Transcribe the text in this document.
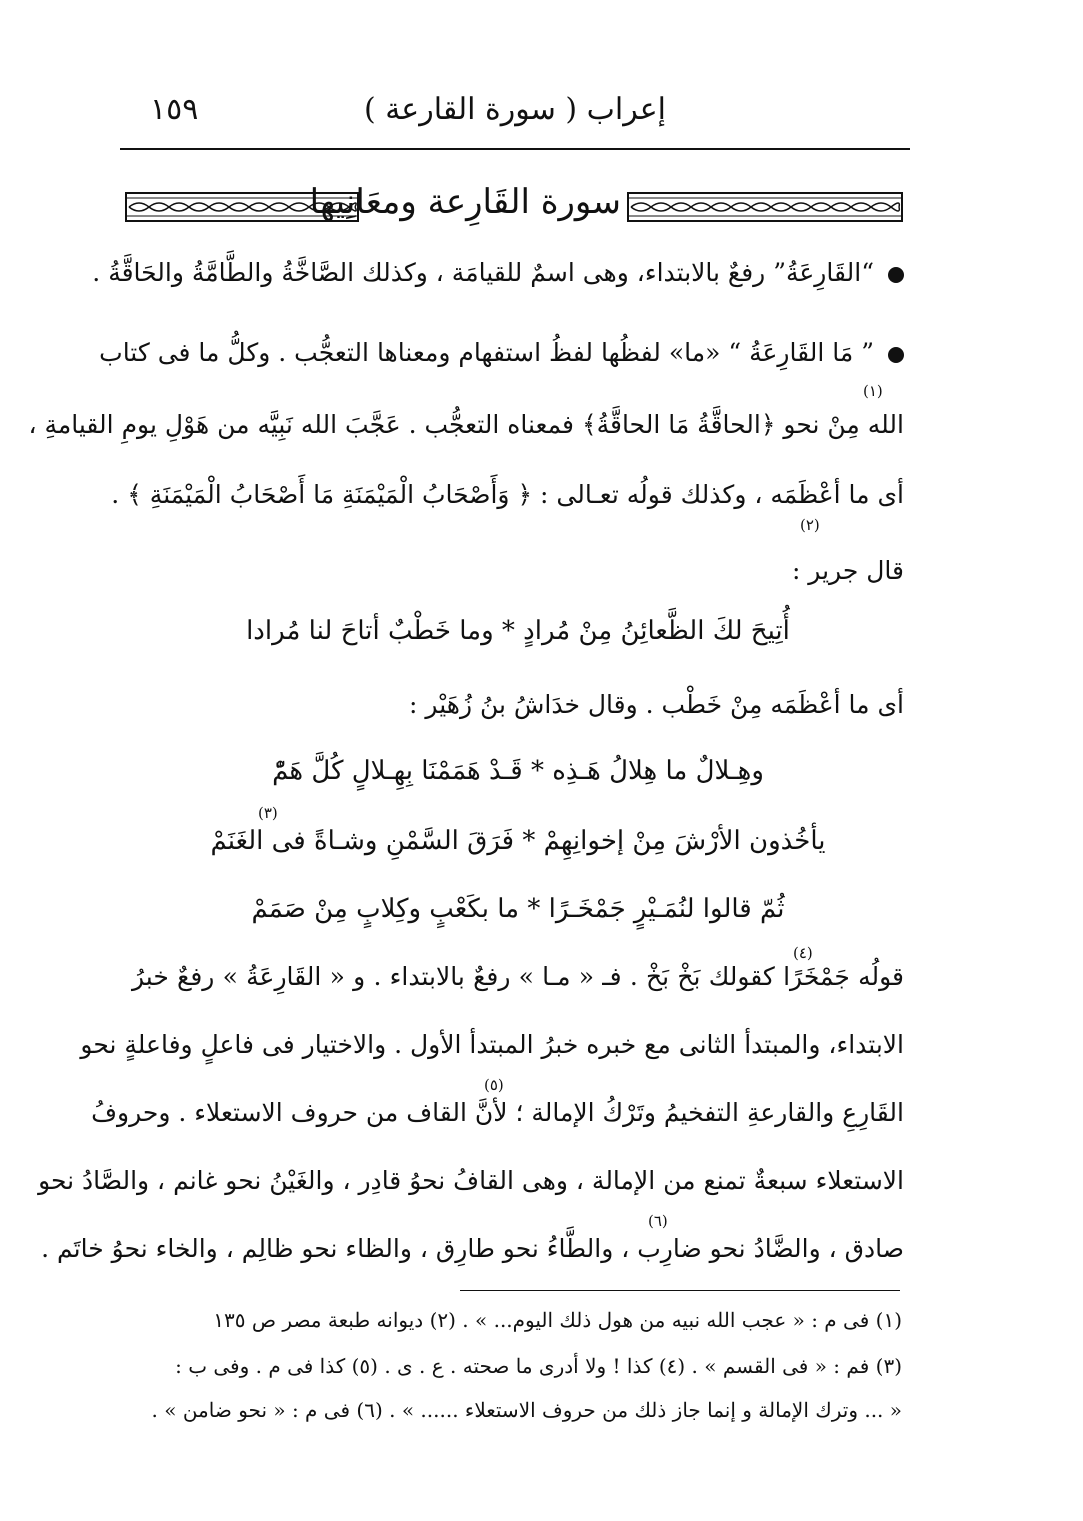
إعراب ( سورة القارعة )
١٥٩
سورة القَارِعة ومعَانِيها
“القَارِعَةُ” رفعٌ بالابتداء، وهى اسمٌ للقيامَة ، وكذلك الصَّاخَّةُ والطَّامَّةُ والحَاقَّةُ .
” مَا القَارِعَةُ “ «ما» لفظُها لفظُ استفهام ومعناها التعجُّب . وكلُّ ما فى كتاب
الله مِنْ نحو ﴿الحاقَّةُ مَا الحاقَّةُ﴾ فمعناه التعجُّب . عَجَّبَ الله نَبِيَّه من هَوْلِ يومِ القيامةِ ،
أى ما أعْظَمَه ، وكذلك قولُه تعـالى : ﴿ وَأَصْحَابُ الْمَيْمَنَةِ مَا أَصْحَابُ الْمَيْمَنَةِ ﴾ .
قال جرير :
(١)
(٢)
أُتِيحَ لكَ الظَّعائِنُ مِنْ مُرادٍ * وما خَطْبٌ أتاحَ لنا مُرادا
أى ما أعْظَمَه مِنْ خَطْب . وقال خدَاشُ بنُ زُهَيْر :
وهِـلالٌ ما هِلالُ هَـذِه * قَـدْ هَمَمْنَا بِهِـلالٍ كُلَّ هَمّْ
يأخُذون الأرْشَ مِنْ إخوانِهِمْ * فَرَقَ السَّمْنِ وشـاةً فى الغَنَمْ
ثُمّ قالوا لنُمَـيْرٍ جَمْخَـرًا * ما بكَعْبٍ وكِلابٍ مِنْ صَمَمْ
(٣)
قولُه جَمْخَرًا كقولك بَخْ بَخْ . فـ « مـا » رفعٌ بالابتداء . و « القَارِعَةُ » رفعٌ خبرُ
الابتداء، والمبتدأ الثانى مع خبره خبرُ المبتدأ الأول . والاختيار فى فاعلٍ وفاعلةٍ نحو
القَارِعِ والقارعةِ التفخيمُ وتَرْكُ الإمالة ؛ لأنَّ القاف من حروف الاستعلاء . وحروفُ
الاستعلاء سبعةٌ تمنع من الإمالة ، وهى القافُ نحوُ قادِر ، والغَيْنُ نحو غانم ، والصَّادُ نحو
صادق ، والضَّادُ نحو ضارِب ، والطَّاءُ نحو طارِق ، والظاء نحو ظالِم ، والخاء نحوُ خاتَم .
(٤)
(٥)
(٦)
(١) فى م : « عجب الله نبيه من هول ذلك اليوم... » . (٢) ديوانه طبعة مصر ص ١٣٥
(٣) فم : « فى القسم » . (٤) كذا ! ولا أدرى ما صحته . ع . ى . (٥) كذا فى م . وفى ب :
« ... وترك الإمالة و إنما جاز ذلك من حروف الاستعلاء ...... » . (٦) فى م : « نحو ضامن » .
